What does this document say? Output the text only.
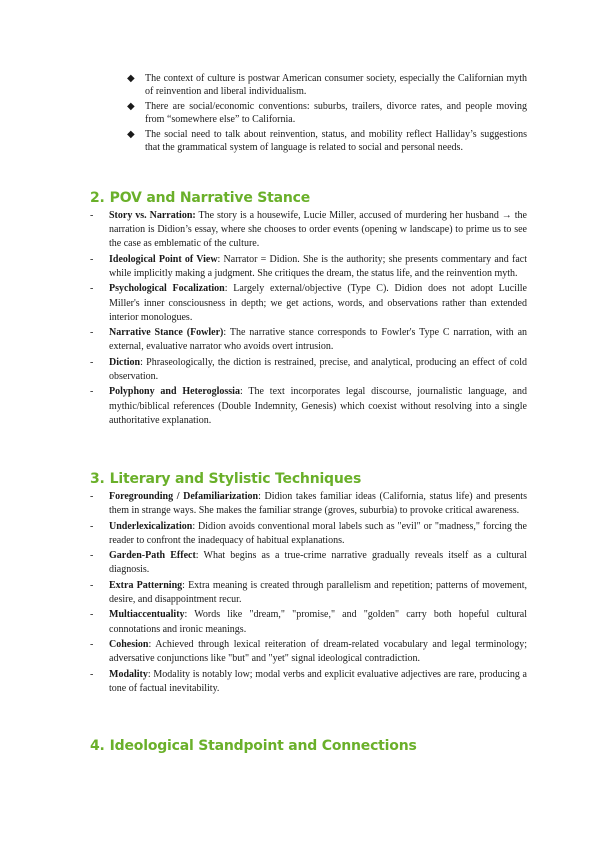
◆ The context of culture is postwar American consumer society, especially the Californian myth of reinvention and liberal individualism.
◆ There are social/economic conventions: suburbs, trailers, divorce rates, and people moving from “somewhere else” to California.
◆ The social need to talk about reinvention, status, and mobility reflect Halliday’s suggestions that the grammatical system of language is related to social and personal needs.
2. POV and Narrative Stance
- Story vs. Narration: The story is a housewife, Lucie Miller, accused of murdering her husband → the narration is Didion’s essay, where she chooses to order events (opening w landscape) to prime us to see the case as emblematic of the culture.
- Ideological Point of View: Narrator = Didion. She is the authority; she presents commentary and fact while implicitly making a judgment. She critiques the dream, the status life, and the reinvention myth.
- Psychological Focalization: Largely external/objective (Type C). Didion does not adopt Lucille Miller's inner consciousness in depth; we get actions, words, and observations rather than extended interior monologues.
- Narrative Stance (Fowler): The narrative stance corresponds to Fowler's Type C narration, with an external, evaluative narrator who avoids overt intrusion.
- Diction: Phraseologically, the diction is restrained, precise, and analytical, producing an effect of cold observation.
- Polyphony and Heteroglossia: The text incorporates legal discourse, journalistic language, and mythic/biblical references (Double Indemnity, Genesis) which coexist without resolving into a single authoritative explanation.
3. Literary and Stylistic Techniques
- Foregrounding / Defamiliarization: Didion takes familiar ideas (California, status life) and presents them in strange ways. She makes the familiar strange (groves, suburbia) to provoke critical awareness.
- Underlexicalization: Didion avoids conventional moral labels such as "evil" or "madness," forcing the reader to confront the inadequacy of habitual explanations.
- Garden-Path Effect: What begins as a true-crime narrative gradually reveals itself as a cultural diagnosis.
- Extra Patterning: Extra meaning is created through parallelism and repetition; patterns of movement, desire, and disappointment recur.
- Multiaccentuality: Words like "dream," "promise," and "golden" carry both hopeful cultural connotations and ironic meanings.
- Cohesion: Achieved through lexical reiteration of dream-related vocabulary and legal terminology; adversative conjunctions like "but" and "yet" signal ideological contradiction.
- Modality: Modality is notably low; modal verbs and explicit evaluative adjectives are rare, producing a tone of factual inevitability.
4. Ideological Standpoint and Connections
